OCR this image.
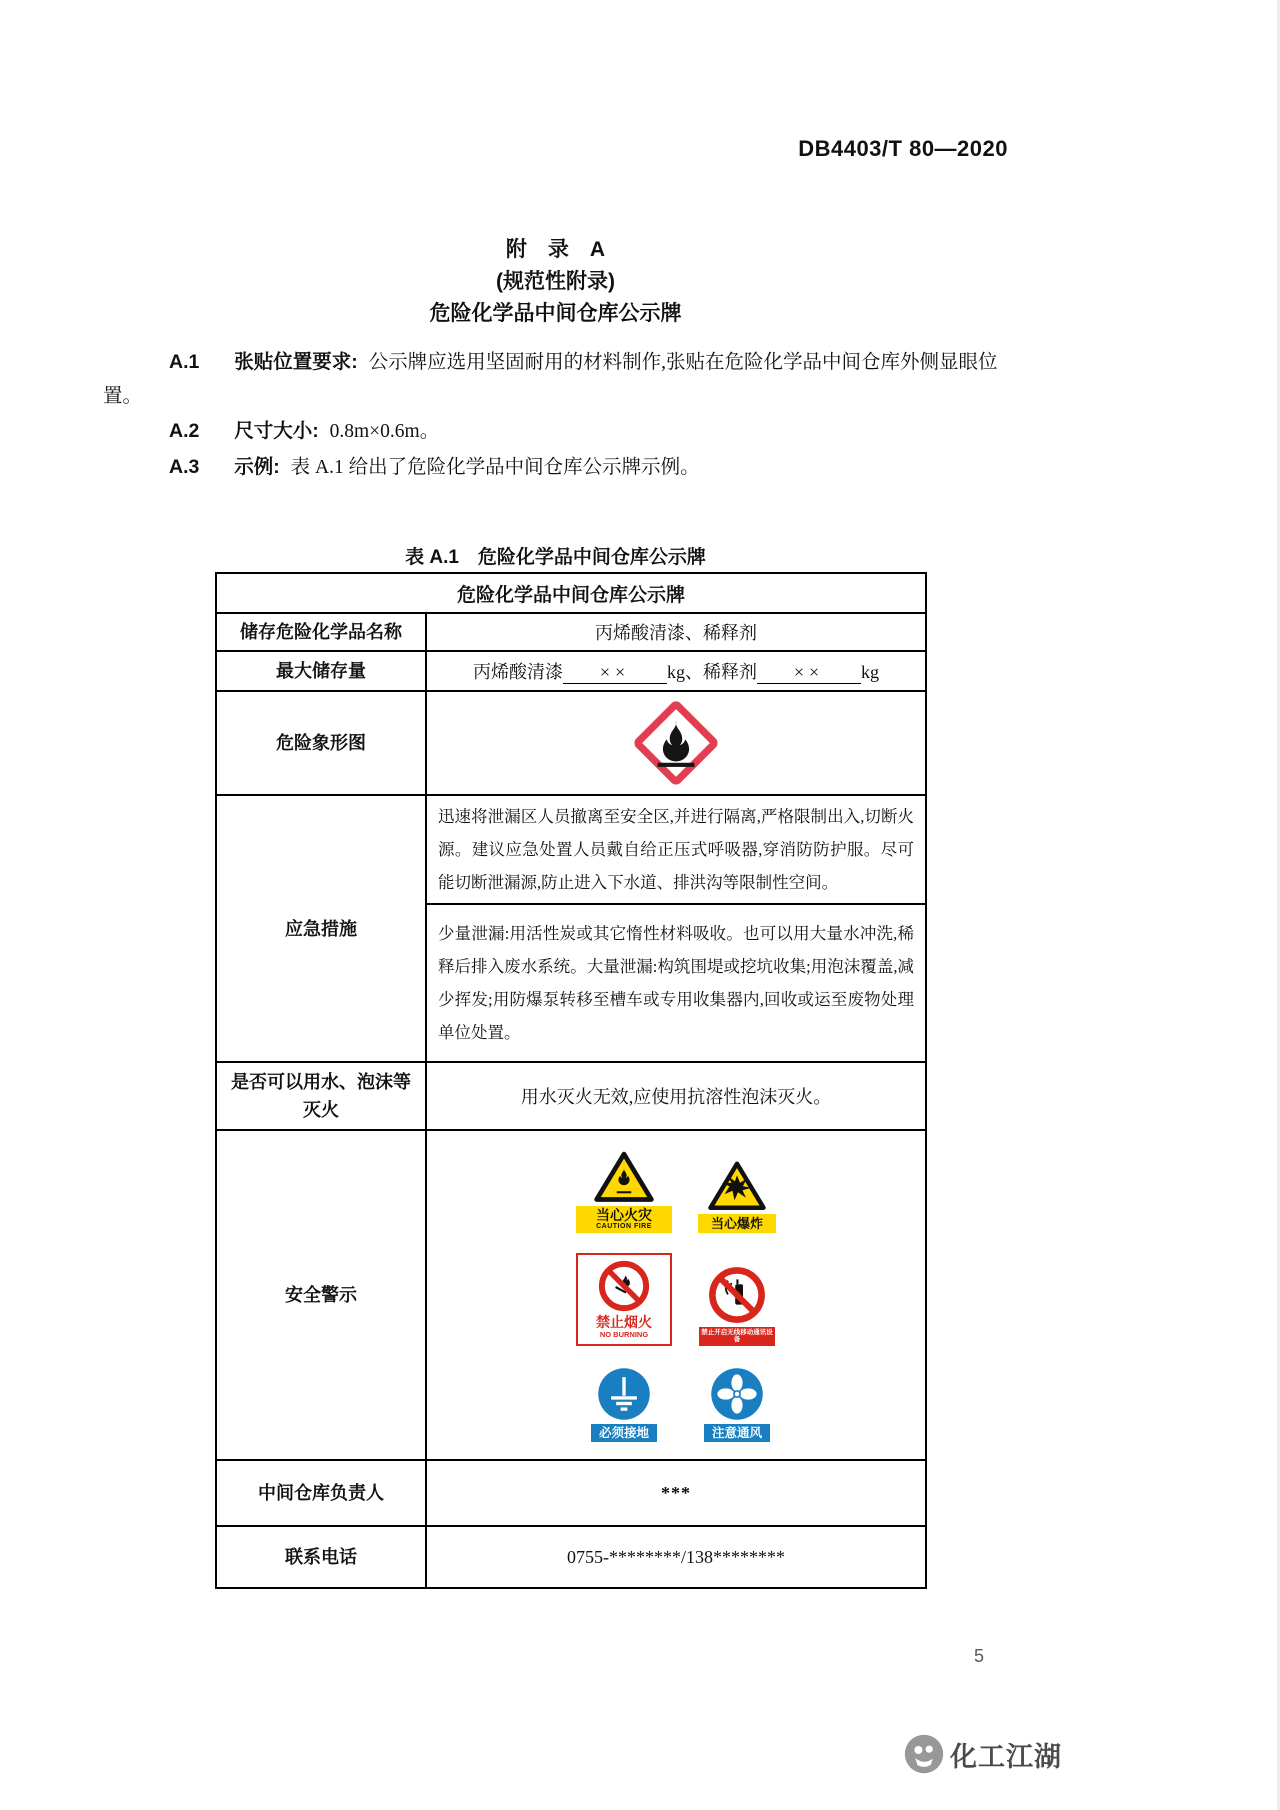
DB4403/T 80—2020
附　录　A
(规范性附录)
危险化学品中间仓库公示牌

A.1 张贴位置要求: 公示牌应选用坚固耐用的材料制作,张贴在危险化学品中间仓库外侧显眼位置。

A.2 尺寸大小: 0.8m×0.6m。

A.3 示例: 表 A.1 给出了危险化学品中间仓库公示牌示例。

表 A.1　危险化学品中间仓库公示牌
危险化学品中间仓库公示牌	
储存危险化学品名称	丙烯酸清漆、稀释剂
最大储存量	丙烯酸清漆 ×× kg、稀释剂 ×× kg
危险象形图	
应急措施	迅速将泄漏区人员撤离至安全区,并进行隔离,严格限制出入,切断火源。建议应急处置人员戴自给正压式呼吸器,穿消防防护服。尽可能切断泄漏源,防止进入下水道、排洪沟等限制性空间。
	少量泄漏:用活性炭或其它惰性材料吸收。也可以用大量水冲洗,稀释后排入废水系统。大量泄漏:构筑围堤或挖坑收集;用泡沫覆盖,减少挥发;用防爆泵转移至槽车或专用收集器内,回收或运至废物处理单位处置。
是否可以用水、泡沫等灭火	用水灭火无效,应使用抗溶性泡沫灭火。
安全警示	
当心火灾
CAUTION FIRE	当心爆炸
禁止烟火
NO BURNING	禁止开启无线移动通讯设备
必须接地	注意通风

中间仓库负责人	***
联系电话	0755-********/138********
5
化工江湖
